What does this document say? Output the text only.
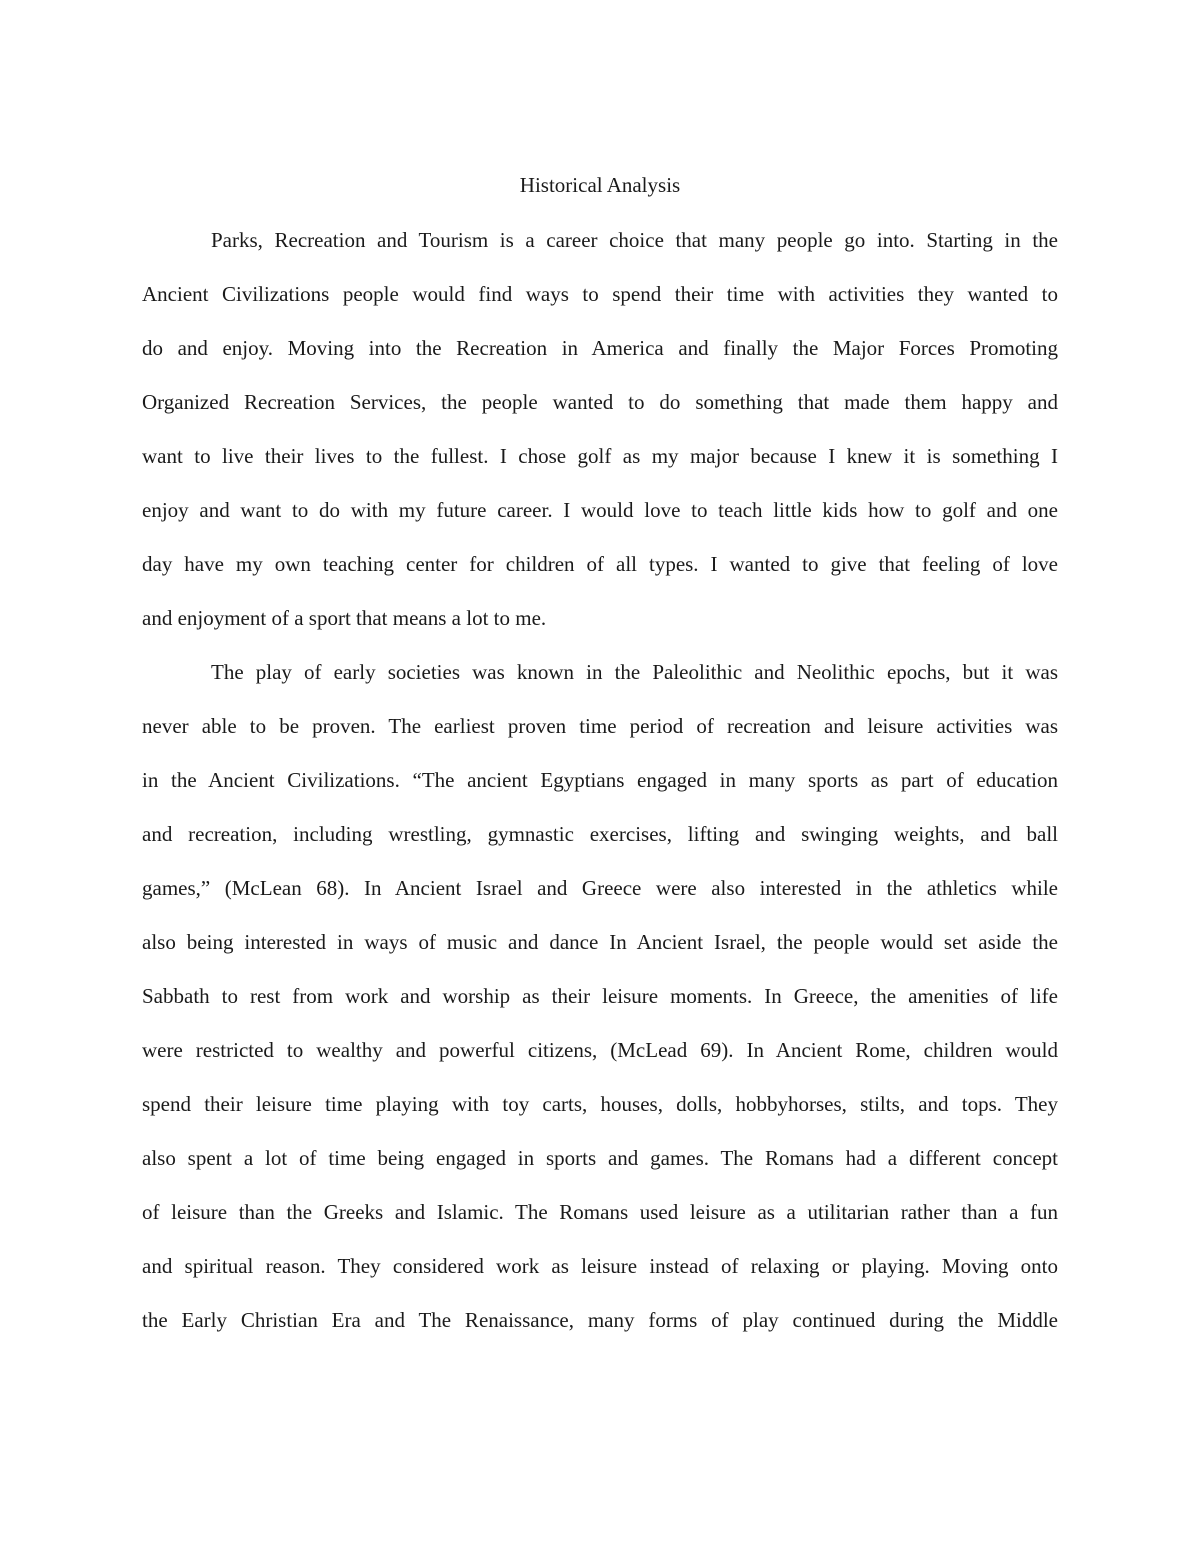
Historical Analysis
Parks, Recreation and Tourism is a career choice that many people go into. Starting in the
Ancient Civilizations people would find ways to spend their time with activities they wanted to
do and enjoy. Moving into the Recreation in America and finally the Major Forces Promoting
Organized Recreation Services, the people wanted to do something that made them happy and
want to live their lives to the fullest. I chose golf as my major because I knew it is something I
enjoy and want to do with my future career. I would love to teach little kids how to golf and one
day have my own teaching center for children of all types. I wanted to give that feeling of love
and enjoyment of a sport that means a lot to me.
The play of early societies was known in the Paleolithic and Neolithic epochs, but it was
never able to be proven. The earliest proven time period of recreation and leisure activities was
in the Ancient Civilizations. “The ancient Egyptians engaged in many sports as part of education
and recreation, including wrestling, gymnastic exercises, lifting and swinging weights, and ball
games,” (McLean 68). In Ancient Israel and Greece were also interested in the athletics while
also being interested in ways of music and dance In Ancient Israel, the people would set aside the
Sabbath to rest from work and worship as their leisure moments. In Greece, the amenities of life
were restricted to wealthy and powerful citizens, (McLead 69). In Ancient Rome, children would
spend their leisure time playing with toy carts, houses, dolls, hobbyhorses, stilts, and tops. They
also spent a lot of time being engaged in sports and games. The Romans had a different concept
of leisure than the Greeks and Islamic. The Romans used leisure as a utilitarian rather than a fun
and spiritual reason. They considered work as leisure instead of relaxing or playing. Moving onto
the Early Christian Era and The Renaissance, many forms of play continued during the Middle
